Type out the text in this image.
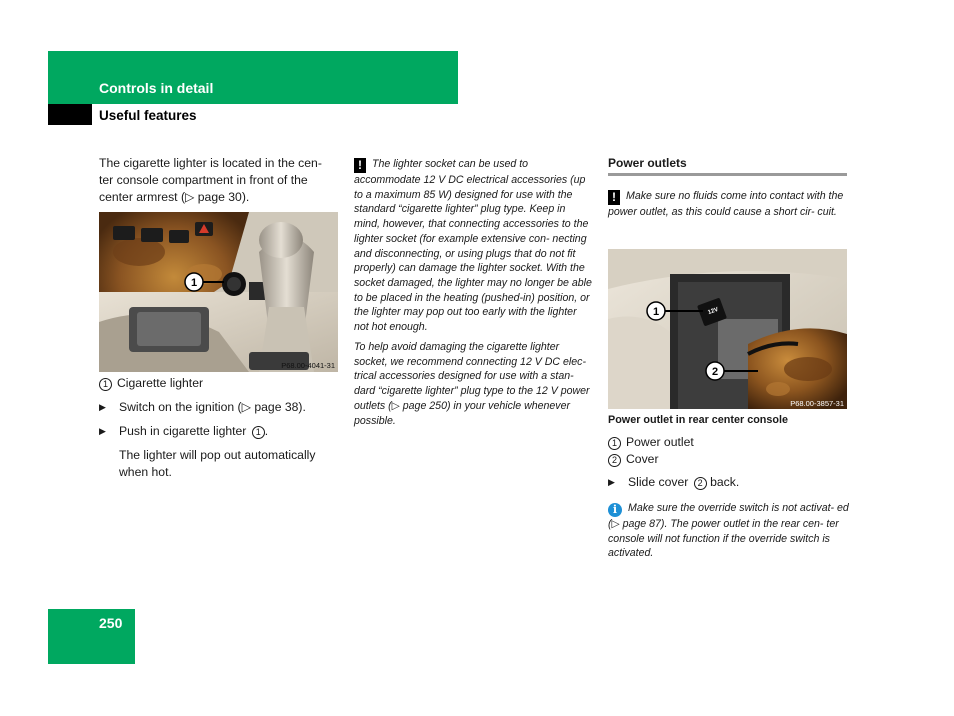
Controls in detail
Useful features
The cigarette lighter is located in the cen- ter console compartment in front of the center armrest (▷ page 30).
1
P68.00-4041-31
1 Cigarette lighter
▶	Switch on the ignition (▷ page 38).
▶	Push in cigarette lighter 1 .
The lighter will pop out automatically when hot.
! The lighter socket can be used to accommodate 12 V DC electrical accessories (up to a maximum 85 W) designed for use with the standard “cigarette lighter” plug type. Keep in mind, however, that connecting accessories to the lighter socket (for example extensive con- necting and disconnecting, or using plugs that do not fit properly) can damage the lighter socket. With the socket damaged, the lighter may no longer be able to be placed in the heating (pushed-in) position, or the lighter may pop out too early with the lighter not hot enough.
To help avoid damaging the cigarette lighter socket, we recommend connecting 12 V DC elec- trical accessories designed for use with a stan- dard “cigarette lighter” plug type to the 12 V power outlets (▷ page 250) in your vehicle whenever possible.
Power outlets
! Make sure no fluids come into contact with the power outlet, as this could cause a short cir- cuit.
12V
1
2
P68.00-3857-31
Power outlet in rear center console
1 Power outlet
2 Cover
▶	Slide cover 2 back.
i Make sure the override switch is not activat- ed (▷ page 87). The power outlet in the rear cen- ter console will not function if the override switch is activated.
250
